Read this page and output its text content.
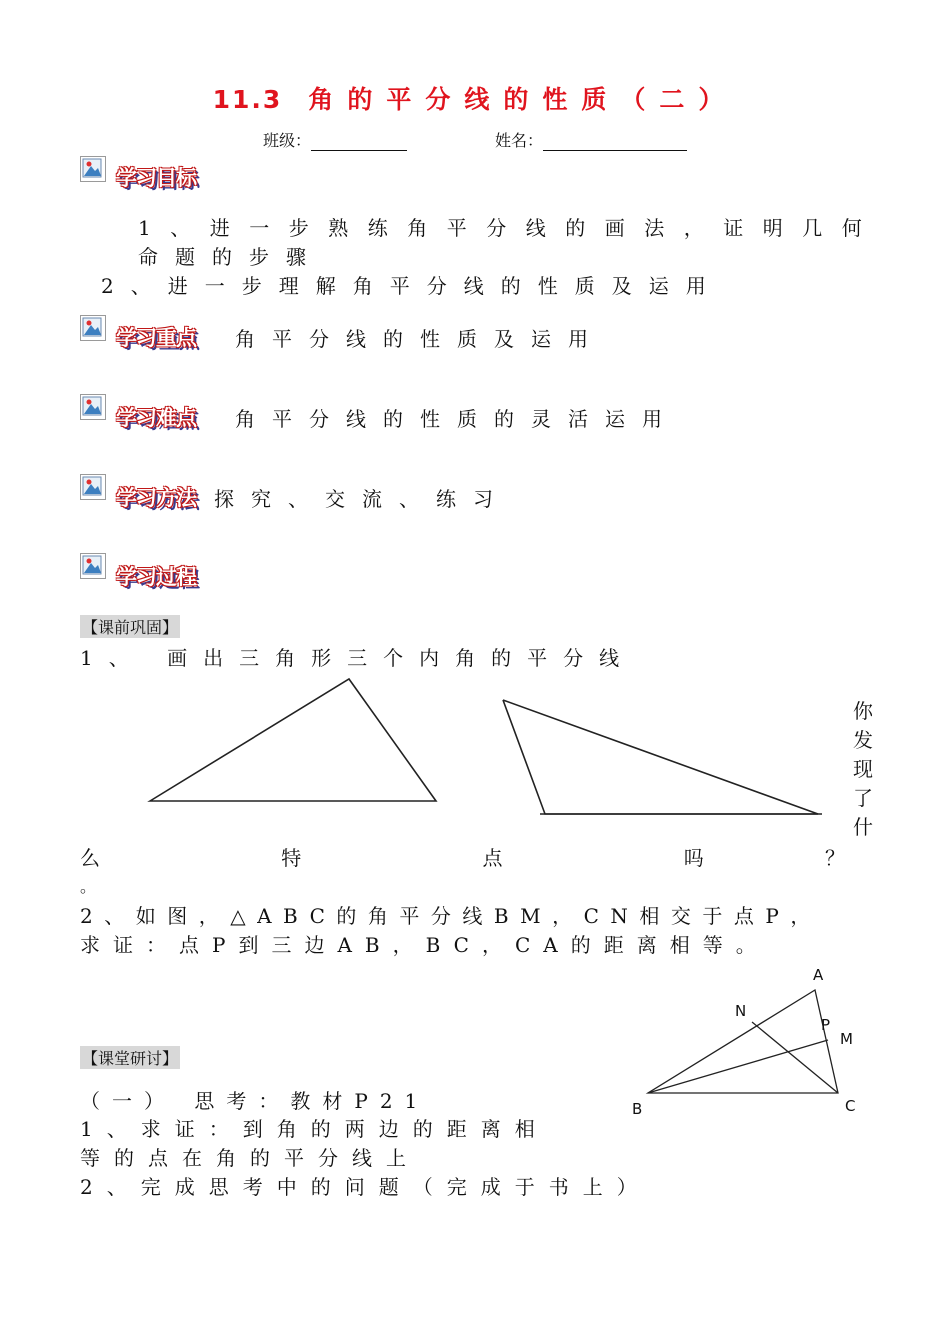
11.3 角的平分线的性质（二）
班级：	姓名：
学习目标
1、进一步熟练角平分线的画法，证明几何
命题的步骤
2、进一步理解角平分线的性质及运用
学习重点 角平分线的性质及运用
学习难点 角平分线的性质的灵活运用
学习方法 探究、交流、练习
学习过程
【课前巩固】
1、 画出三角形三个内角的平分线
你
发
现
了
什
么	特	点	吗	？
。
2、如图，△ABC的角平分线BM，CN相交于点P，
求证：点P到三边AB，BC，CA的距离相等。
A
N
P
M
B	C
【课堂研讨】
（一） 思考：教材P21
1、求证：到角的两边的距离相
等的点在角的平分线上
2、完成思考中的问题（完成于书上）
